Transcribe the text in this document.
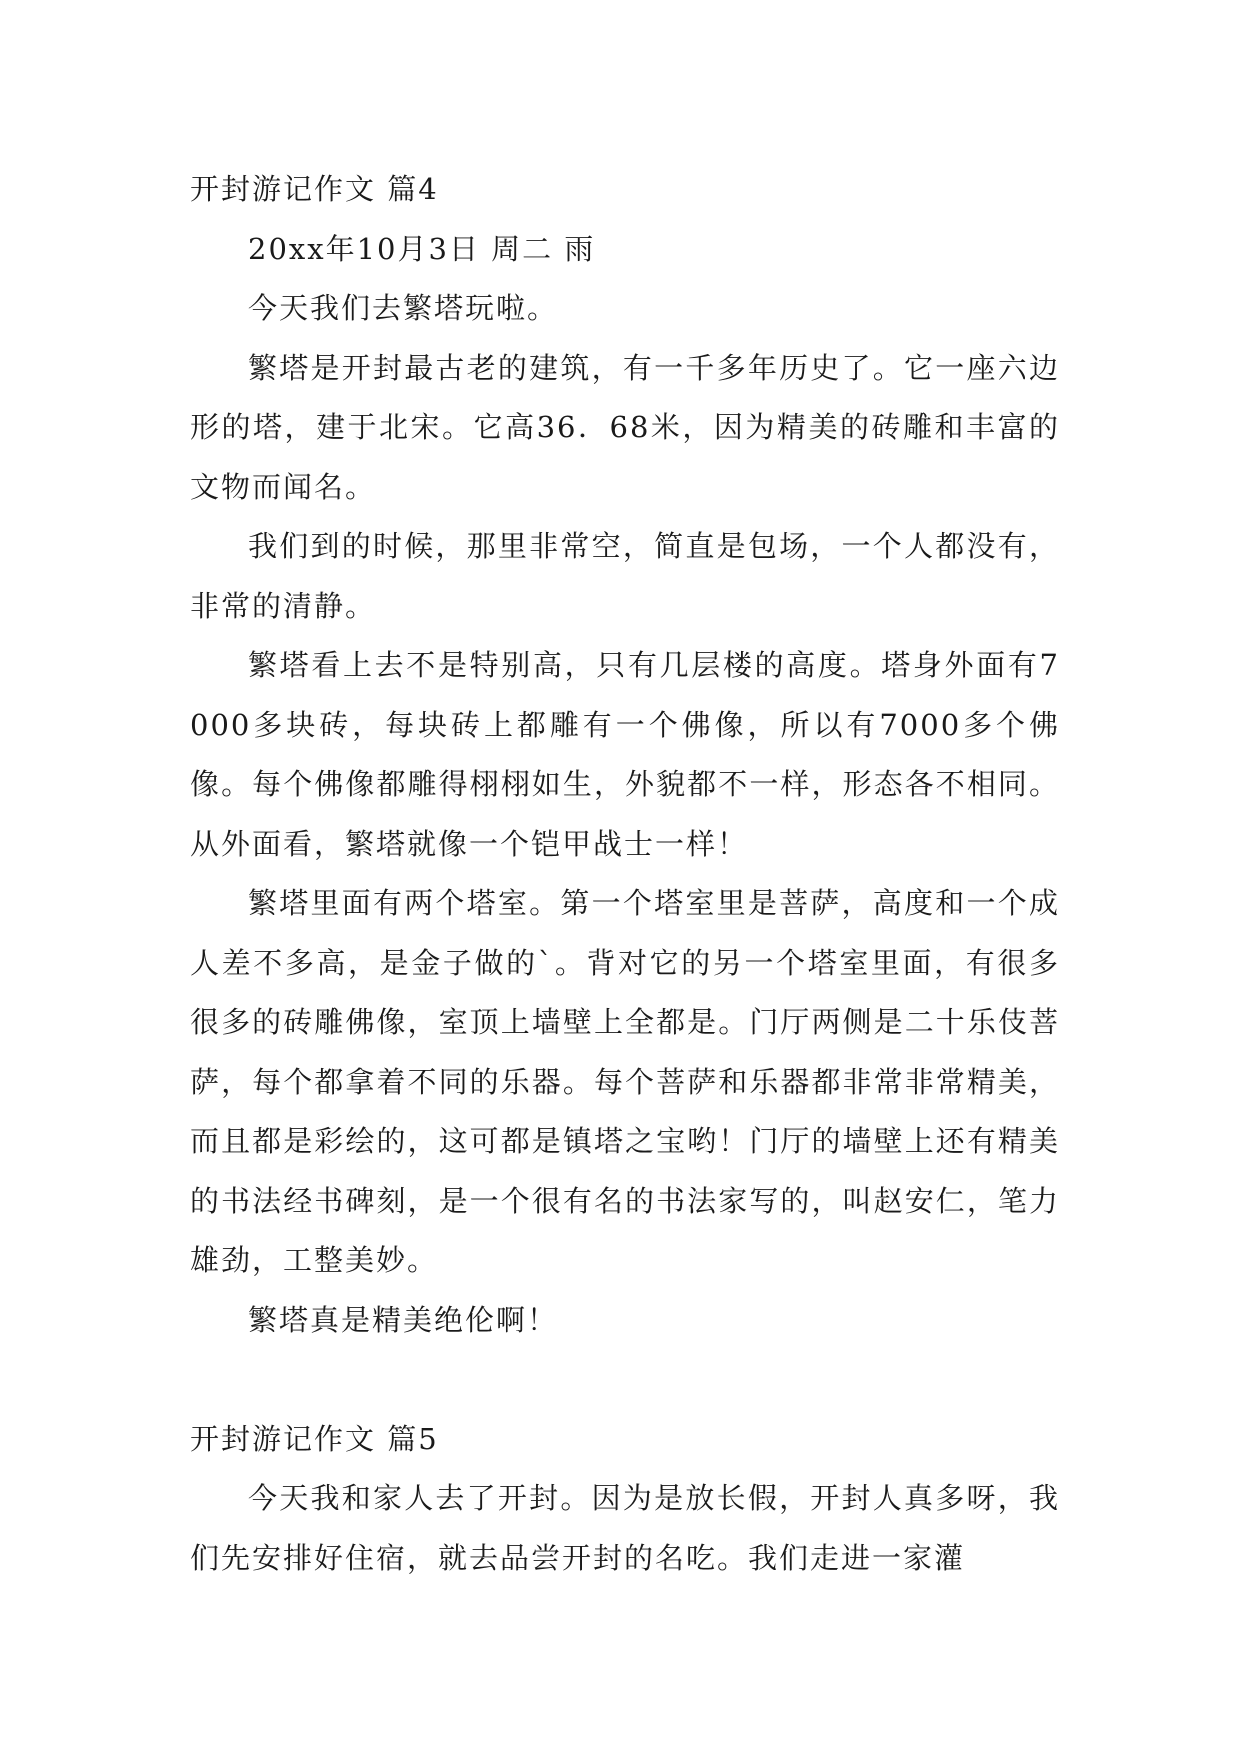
开封游记作文 篇4

20xx年10月3日 周二 雨

今天我们去繁塔玩啦。

繁塔是开封最古老的建筑，有一千多年历史了。它一座六边形的塔，建于北宋。它高36．68米，因为精美的砖雕和丰富的文物而闻名。

我们到的时候，那里非常空，简直是包场，一个人都没有，非常的清静。

繁塔看上去不是特别高，只有几层楼的高度。塔身外面有7000多块砖，每块砖上都雕有一个佛像，所以有7000多个佛像。每个佛像都雕得栩栩如生，外貌都不一样，形态各不相同。从外面看，繁塔就像一个铠甲战士一样！

繁塔里面有两个塔室。第一个塔室里是菩萨，高度和一个成人差不多高，是金子做的`。背对它的另一个塔室里面，有很多很多的砖雕佛像，室顶上墙壁上全都是。门厅两侧是二十乐伎菩萨，每个都拿着不同的乐器。每个菩萨和乐器都非常非常精美，而且都是彩绘的，这可都是镇塔之宝哟！门厅的墙壁上还有精美的书法经书碑刻，是一个很有名的书法家写的，叫赵安仁，笔力雄劲，工整美妙。

繁塔真是精美绝伦啊！

开封游记作文 篇5

今天我和家人去了开封。因为是放长假，开封人真多呀，我们先安排好住宿，就去品尝开封的名吃。我们走进一家灌
